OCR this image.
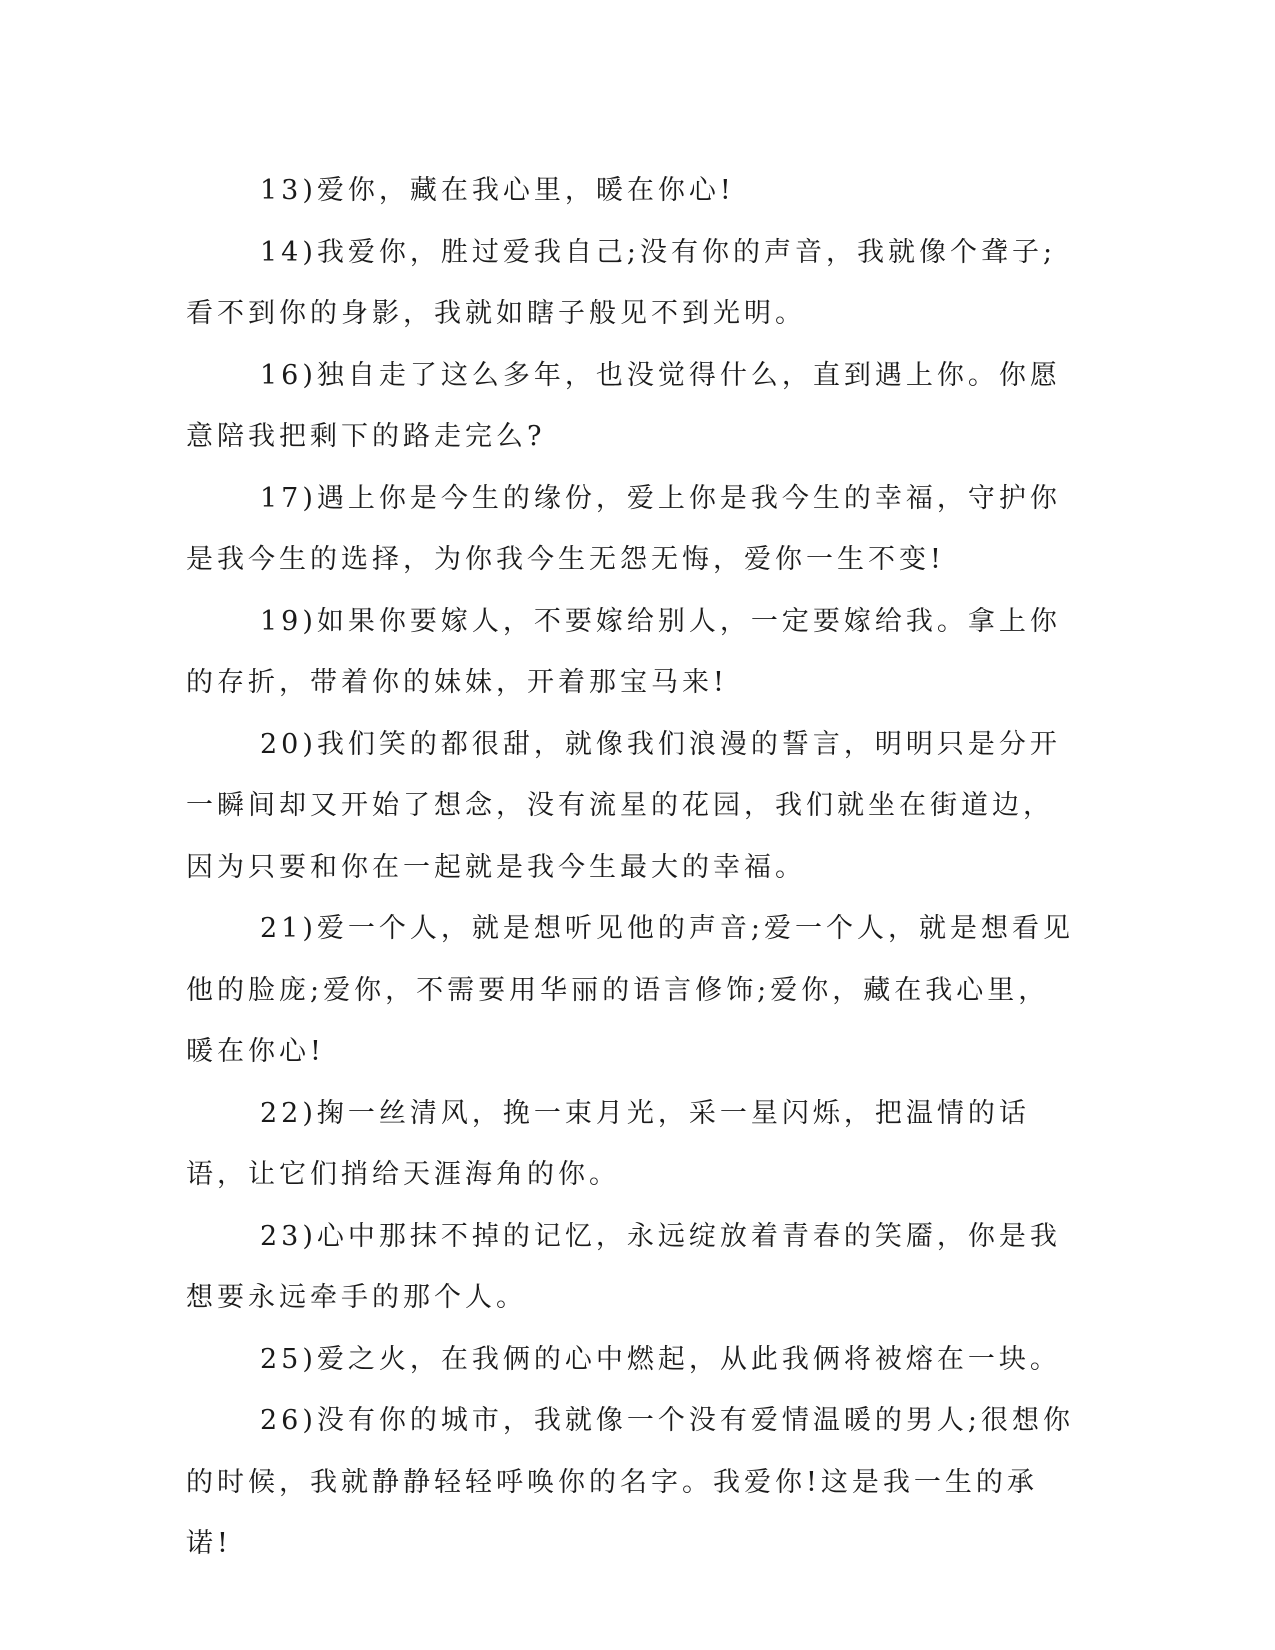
13)爱你，藏在我心里，暖在你心!

14)我爱你，胜过爱我自己;没有你的声音，我就像个聋子;看不到你的身影，我就如瞎子般见不到光明。

16)独自走了这么多年，也没觉得什么，直到遇上你。你愿意陪我把剩下的路走完么?

17)遇上你是今生的缘份，爱上你是我今生的幸福，守护你是我今生的选择，为你我今生无怨无悔，爱你一生不变!

19)如果你要嫁人，不要嫁给别人，一定要嫁给我。拿上你的存折，带着你的妹妹，开着那宝马来!

20)我们笑的都很甜，就像我们浪漫的誓言，明明只是分开一瞬间却又开始了想念，没有流星的花园，我们就坐在街道边，因为只要和你在一起就是我今生最大的幸福。

21)爱一个人，就是想听见他的声音;爱一个人，就是想看见他的脸庞;爱你，不需要用华丽的语言修饰;爱你，藏在我心里，暖在你心!

22)掬一丝清风，挽一束月光，采一星闪烁，把温情的话语，让它们捎给天涯海角的你。

23)心中那抹不掉的记忆，永远绽放着青春的笑靥，你是我想要永远牵手的那个人。

25)爱之火，在我俩的心中燃起，从此我俩将被熔在一块。

26)没有你的城市，我就像一个没有爱情温暖的男人;很想你的时候，我就静静轻轻呼唤你的名字。我爱你!这是我一生的承诺!
